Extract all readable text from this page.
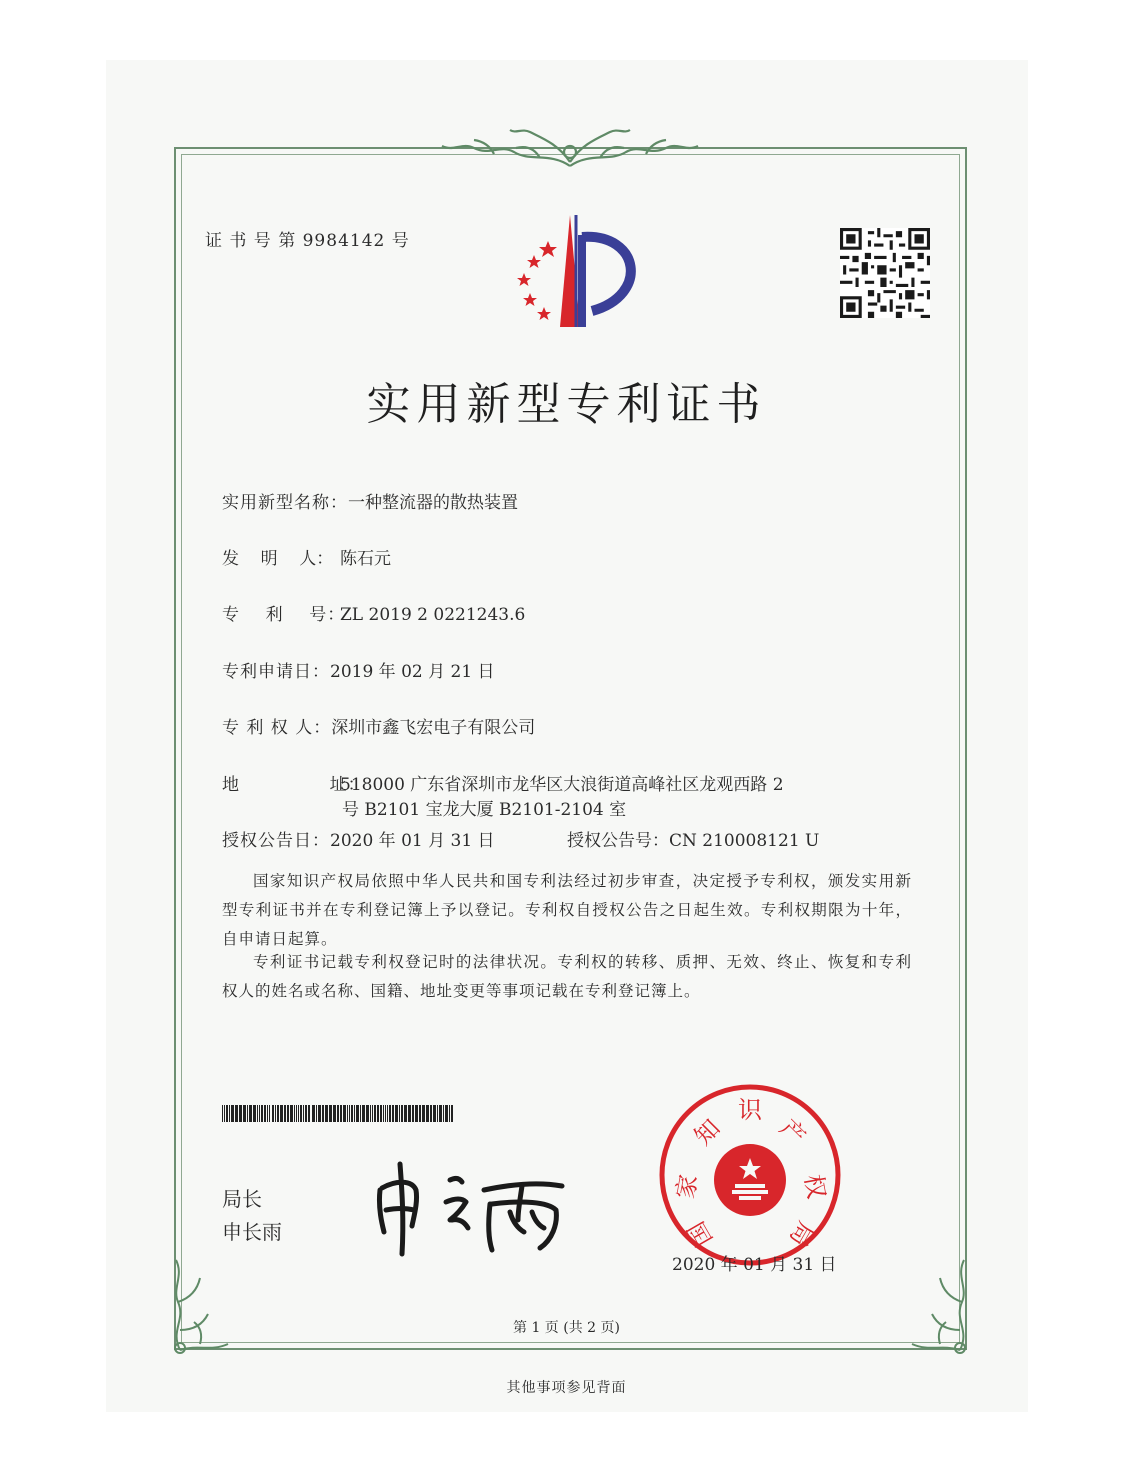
证 书 号 第 9984142 号
实用新型专利证书
实用新型名称：一种整流器的散热装置
发    明    人： 陈石元
专    利    号：ZL 2019 2 0221243.6
专利申请日：2019 年 02 月 21 日
专 利 权 人：深圳市鑫飞宏电子有限公司
地              址：518000 广东省深圳市龙华区大浪街道高峰社区龙观西路 2
号 B2101 宝龙大厦 B2101-2104 室
授权公告日：2020 年 01 月 31 日	授权公告号：CN 210008121 U
国家知识产权局依照中华人民共和国专利法经过初步审查，决定授予专利权，颁发实用新型专利证书并在专利登记簿上予以登记。专利权自授权公告之日起生效。专利权期限为十年，自申请日起算。
专利证书记载专利权登记时的法律状况。专利权的转移、质押、无效、终止、恢复和专利权人的姓名或名称、国籍、地址变更等事项记载在专利登记簿上。
局长
申长雨
家
知
识
产
权
局
国
2020 年 01 月 31 日
第 1 页 (共 2 页)
其他事项参见背面
